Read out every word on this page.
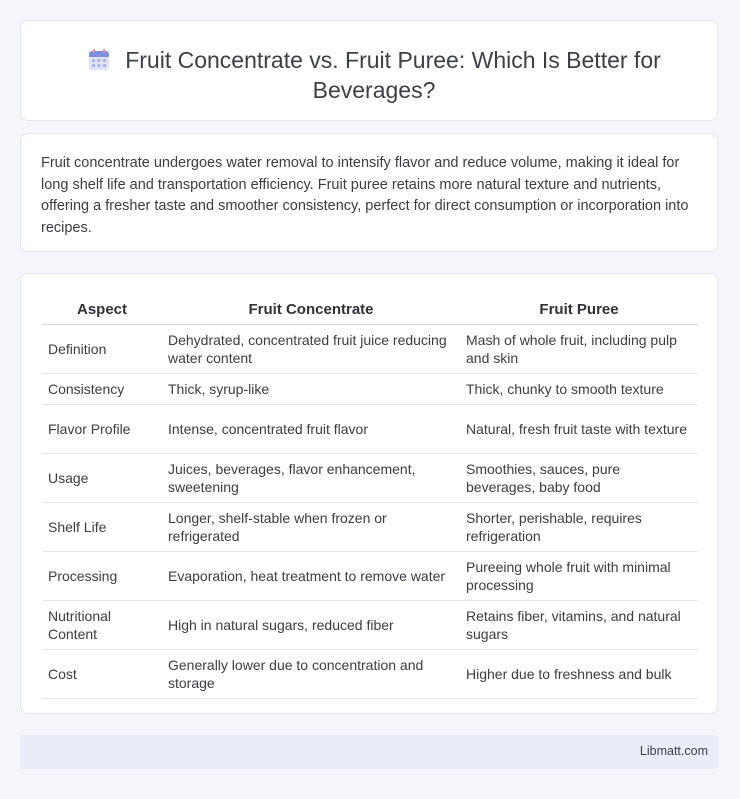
Fruit Concentrate vs. Fruit Puree: Which Is Better for Beverages?

Fruit concentrate undergoes water removal to intensify flavor and reduce volume, making it ideal for long shelf life and transportation efficiency. Fruit puree retains more natural texture and nutrients, offering a fresher taste and smoother consistency, perfect for direct consumption or incorporation into recipes.

Aspect	Fruit Concentrate	Fruit Puree
Definition	Dehydrated, concentrated fruit juice reducing water content	Mash of whole fruit, including pulp and skin
Consistency	Thick, syrup-like	Thick, chunky to smooth texture
Flavor Profile	Intense, concentrated fruit flavor	Natural, fresh fruit taste with texture
Usage	Juices, beverages, flavor enhancement, sweetening	Smoothies, sauces, pure beverages, baby food
Shelf Life	Longer, shelf-stable when frozen or refrigerated	Shorter, perishable, requires refrigeration
Processing	Evaporation, heat treatment to remove water	Pureeing whole fruit with minimal processing
Nutritional Content	High in natural sugars, reduced fiber	Retains fiber, vitamins, and natural sugars
Cost	Generally lower due to concentration and storage	Higher due to freshness and bulk
Libmatt.com
